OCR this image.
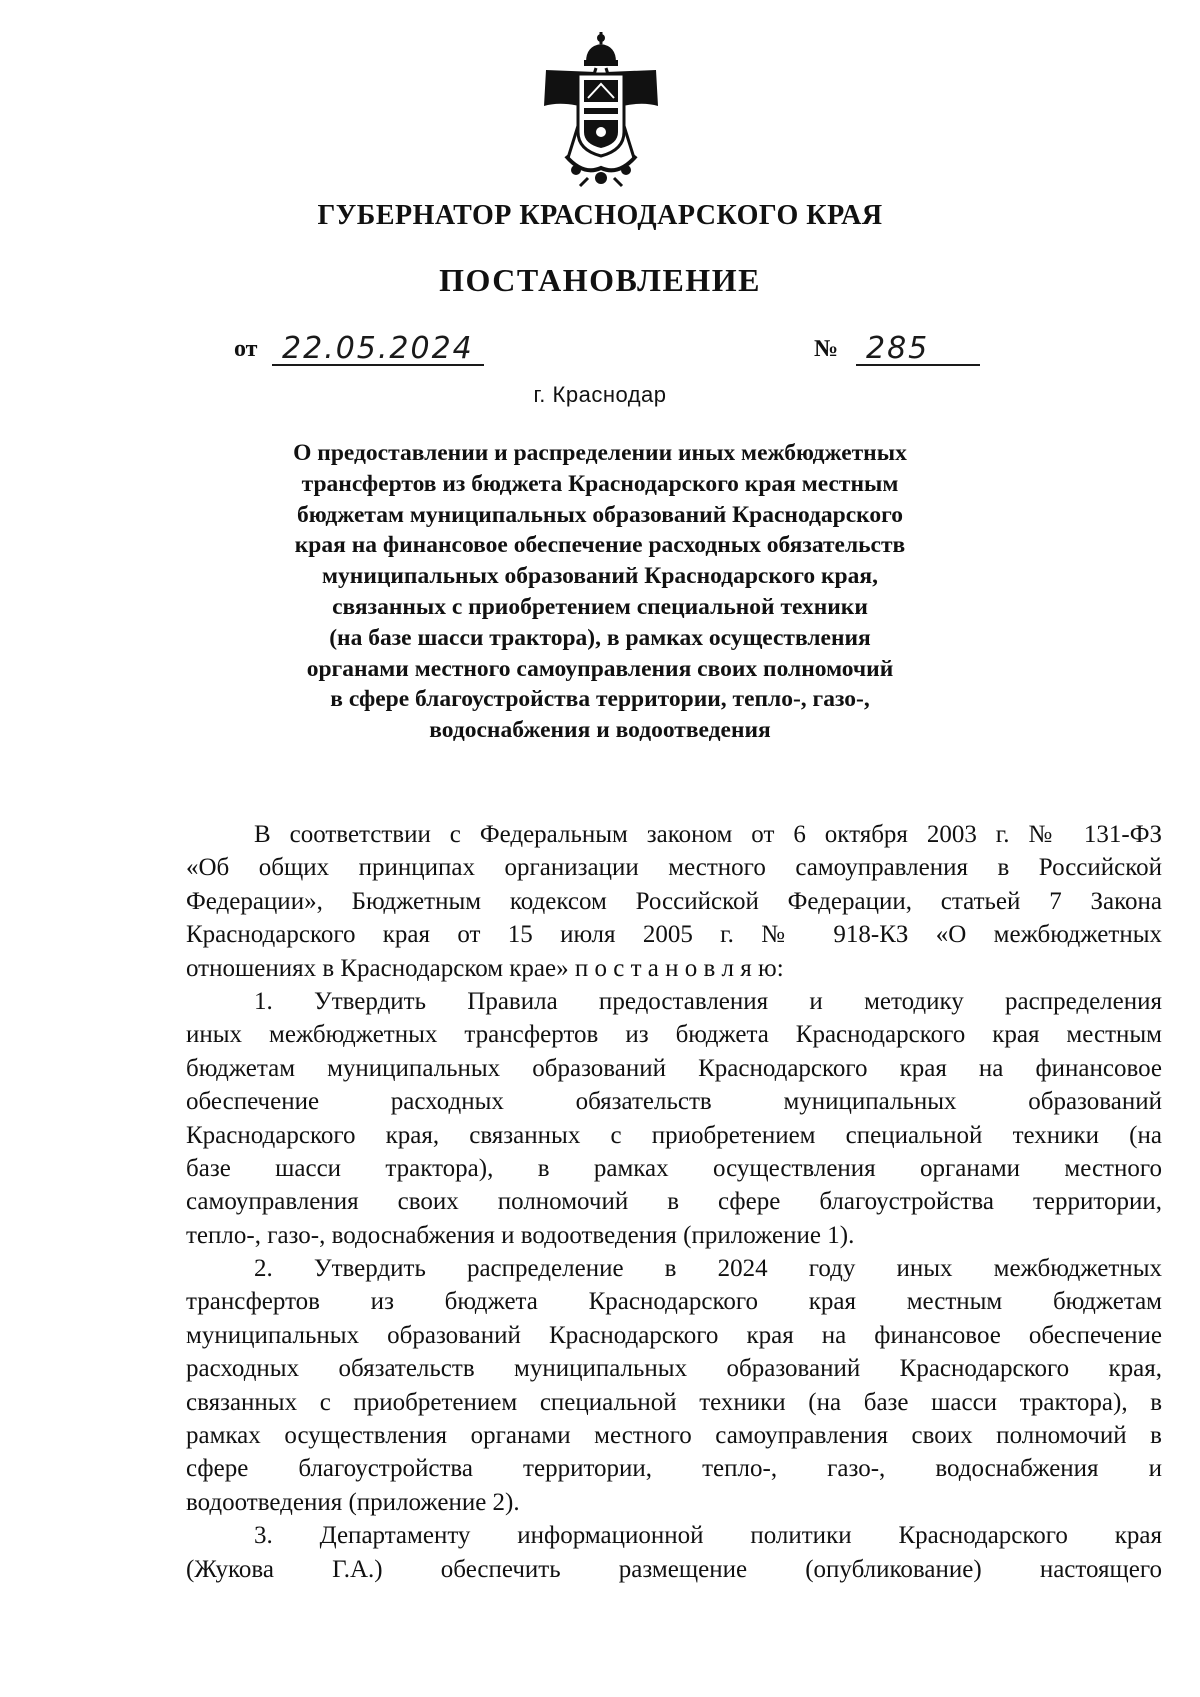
ГУБЕРНАТОР КРАСНОДАРСКОГО КРАЯ
ПОСТАНОВЛЕНИЕ
от 22.05.2024	№ 285
г. Краснодар
О предоставлении и распределении иных межбюджетных
трансфертов из бюджета Краснодарского края местным
бюджетам муниципальных образований Краснодарского
края на финансовое обеспечение расходных обязательств
муниципальных образований Краснодарского края,
связанных с приобретением специальной техники
(на базе шасси трактора), в рамках осуществления
органами местного самоуправления своих полномочий
в сфере благоустройства территории, тепло-, газо-,
водоснабжения и водоотведения
В соответствии с Федеральным законом от 6 октября 2003 г. № 131-ФЗ
«Об общих принципах организации местного самоуправления в Российской
Федерации», Бюджетным кодексом Российской Федерации, статьей 7 Закона
Краснодарского края от 15 июля 2005 г. № 918-КЗ «О межбюджетных
отношениях в Краснодарском крае» п о с т а н о в л я ю:
1. Утвердить Правила предоставления и методику распределения
иных межбюджетных трансфертов из бюджета Краснодарского края местным
бюджетам муниципальных образований Краснодарского края на финансовое
обеспечение расходных обязательств муниципальных образований
Краснодарского края, связанных с приобретением специальной техники (на
базе шасси трактора), в рамках осуществления органами местного
самоуправления своих полномочий в сфере благоустройства территории,
тепло-, газо-, водоснабжения и водоотведения (приложение 1).
2. Утвердить распределение в 2024 году иных межбюджетных
трансфертов из бюджета Краснодарского края местным бюджетам
муниципальных образований Краснодарского края на финансовое обеспечение
расходных обязательств муниципальных образований Краснодарского края,
связанных с приобретением специальной техники (на базе шасси трактора), в
рамках осуществления органами местного самоуправления своих полномочий в
сфере благоустройства территории, тепло-, газо-, водоснабжения и
водоотведения (приложение 2).
3. Департаменту информационной политики Краснодарского края
(Жукова Г.А.) обеспечить размещение (опубликование) настоящего
